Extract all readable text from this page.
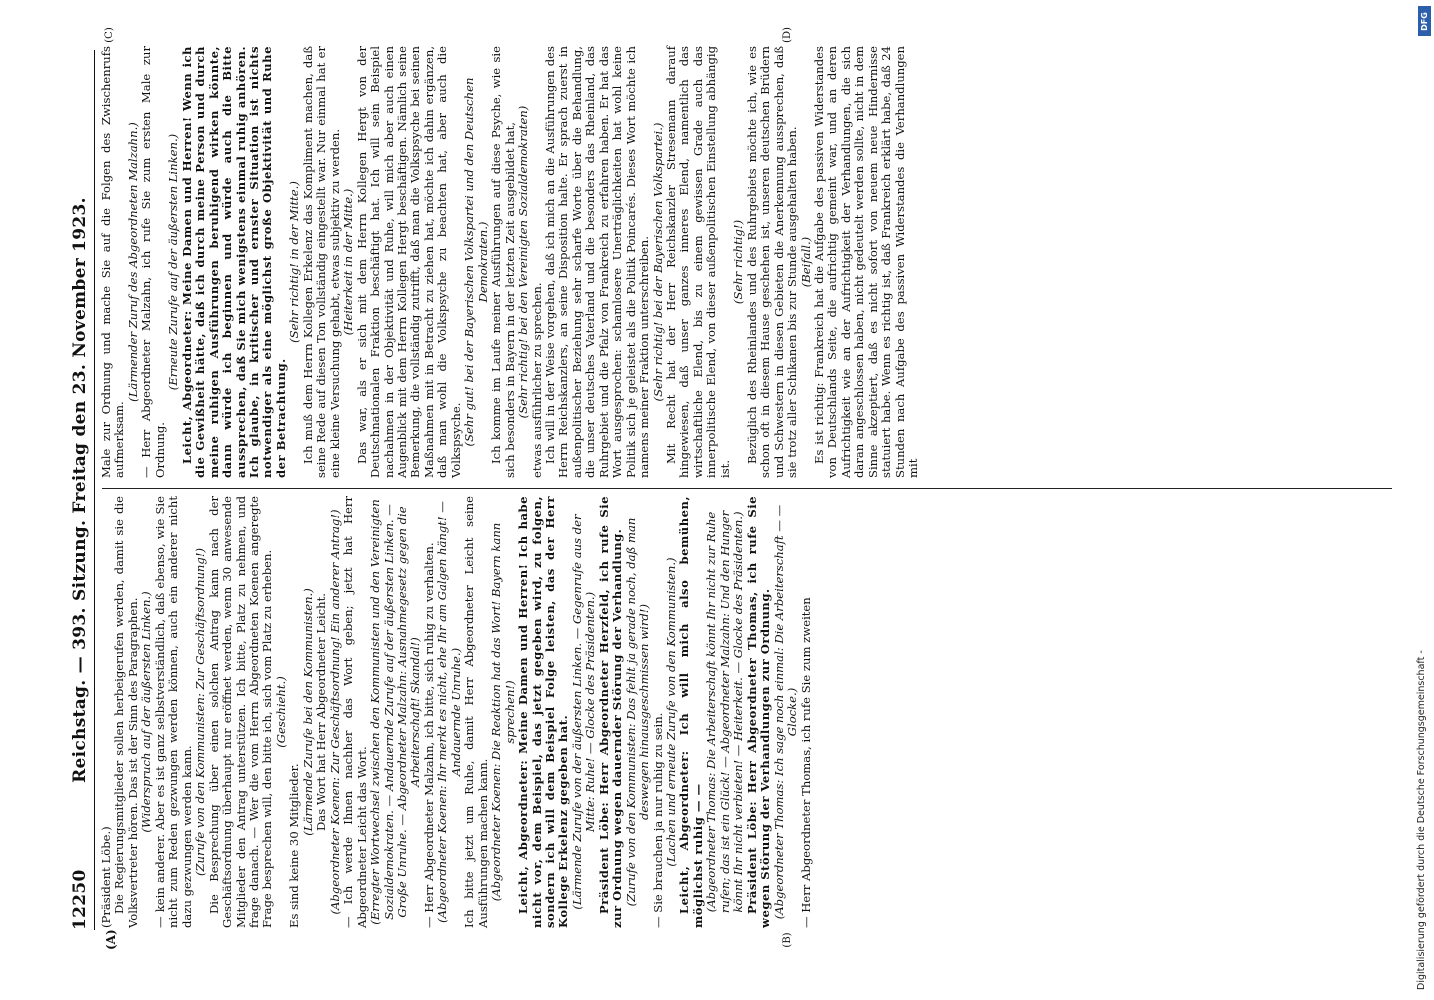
12250
Reichstag. — 393. Sitzung. Freitag den 23. November 1923.
(A)	(B)
(C)	(D)

(Präsident Löbe.) Die Regierungsmitglieder sollen herbeigerufen werden, damit sie die Volksvertreter hören. Das ist der Sinn des Paragraphen. (Widerspruch auf der äußersten Linken.) — kein anderer. Aber es ist ganz selbstverständlich, daß ebenso, wie Sie nicht zum Reden gezwungen werden können, auch ein anderer nicht dazu gezwungen werden kann. (Zurufe von den Kommunisten: Zur Geschäftsordnung!) Die Besprechung über einen solchen Antrag kann nach der Geschäftsordnung überhaupt nur eröffnet werden, wenn 30 anwesende Mitglieder den Antrag unterstützen. Ich bitte, Platz zu nehmen, und frage danach. — Wer die vom Herrn Abgeordneten Koenen angeregte Frage besprechen will, den bitte ich, sich vom Platz zu erheben. (Geschieht.)

Es sind keine 30 Mitglieder.

(Lärmende Zurufe bei den Kommunisten.) Das Wort hat Herr Abgeordneter Leicht. (Abgeordneter Koenen: Zur Geschäftsordnung! Ein anderer Antrag!) — Ich werde Ihnen nachher das Wort geben; jetzt hat Herr Abgeordneter Leicht das Wort. (Erregter Wortwechsel zwischen den Kommunisten und den Vereinigten Sozialdemokraten. — Andauernde Zurufe auf der äußersten Linken. — Große Unruhe. — Abgeordneter Malzahn: Ausnahmegesetz gegen die Arbeiterschaft! Skandal!) — Herr Abgeordneter Malzahn, ich bitte, sich ruhig zu verhalten. (Abgeordneter Koenen: Ihr merkt es nicht, ehe Ihr am Galgen hängt! — Andauernde Unruhe.) Ich bitte jetzt um Ruhe, damit Herr Abgeordneter Leicht seine Ausführungen machen kann. (Abgeordneter Koenen: Die Reaktion hat das Wort! Bayern kann sprechen!) Leicht, Abgeordneter: Meine Damen und Herren! Ich habe nicht vor, dem Beispiel, das jetzt gegeben wird, zu folgen, sondern ich will dem Beispiel Folge leisten, das der Herr Kollege Erkelenz gegeben hat. (Lärmende Zurufe von der äußersten Linken. — Gegenrufe aus der Mitte: Ruhe! — Glocke des Präsidenten.) Präsident Löbe: Herr Abgeordneter Herzfeld, ich rufe Sie zur Ordnung wegen dauernder Störung der Verhandlung. (Zurufe von den Kommunisten: Das fehlt ja gerade noch, daß man deswegen hinausgeschmissen wird!)

— Sie brauchen ja nur ruhig zu sein. (Lachen und erneute Zurufe von den Kommunisten.) Leicht, Abgeordneter: Ich will mich also bemühen, möglichst ruhig — — (Abgeordneter Thomas: Die Arbeiterschaft könnt Ihr nicht zur Ruhe rufen; das ist ein Glück! — Abgeordneter Malzahn: Und den Hunger könnt Ihr nicht verbieten! — Heiterkeit. — Glocke des Präsidenten.) Präsident Löbe: Herr Abgeordneter Thomas, ich rufe Sie wegen Störung der Verhandlungen zur Ordnung. (Abgeordneter Thomas: Ich sage noch einmal: Die Arbeiterschaft — — Glocke.) — Herr Abgeordneter Thomas, ich rufe Sie zum zweiten

Male zur Ordnung und mache Sie auf die Folgen des Zwischenrufs aufmerksam.

(Lärmender Zuruf des Abgeordneten Malzahn.) — Herr Abgeordneter Malzahn, ich rufe Sie zum ersten Male zur Ordnung.

(Erneute Zurufe auf der äußersten Linken.) Leicht, Abgeordneter: Meine Damen und Herren! Wenn ich die Gewißheit hätte, daß ich durch meine Person und durch meine ruhigen Ausführungen beruhigend wirken könnte, dann würde ich beginnen und würde auch die Bitte aussprechen, daß Sie mich wenigstens einmal ruhig anhören. Ich glaube, in kritischer und ernster Situation ist nichts notwendiger als eine möglichst große Objektivität und Ruhe der Betrachtung.

(Sehr richtig! in der Mitte.) Ich muß dem Herrn Kollegen Erkelenz das Kompliment machen, daß seine Rede auf diesen Ton vollständig eingestellt war. Nur einmal hat er eine kleine Versuchung gehabt, etwas subjektiv zu werden. (Heiterkeit in der Mitte.) Das war, als er sich mit dem Herrn Kollegen Hergt von der Deutschnationalen Fraktion beschäftigt hat. Ich will sein Beispiel nachahmen in der Objektivität und Ruhe, will mich aber auch einen Augenblick mit dem Herrn Kollegen Hergt beschäftigen. Nämlich seine Bemerkung, die vollständig zutrifft, daß man die Volkspsyche bei seinen Maßnahmen mit in Betracht zu ziehen hat, möchte ich dahin ergänzen, daß man wohl die Volkspsyche zu beachten hat, aber auch die Volkspsyche. (Sehr gut! bei der Bayerischen Volkspartei und den Deutschen Demokraten.) Ich komme im Laufe meiner Ausführungen auf diese Psyche, wie sie sich besonders in Bayern in der letzten Zeit ausgebildet hat, (Sehr richtig! bei den Vereinigten Sozialdemokraten) etwas ausführlicher zu sprechen. Ich will in der Weise vorgehen, daß ich mich an die Ausführungen des Herrn Reichskanzlers, an seine Disposition halte. Er sprach zuerst in außenpolitischer Beziehung sehr scharfe Worte über die Behandlung, die unser deutsches Vaterland und die besonders das Rheinland, das Ruhrgebiet und die Pfalz von Frankreich zu erfahren haben. Er hat das Wort ausgesprochen: schamlosere Unerträglichkeiten hat wohl keine Politik sich je geleistet als die Politik Poincarés. Dieses Wort möchte ich namens meiner Fraktion unterschreiben. (Sehr richtig! bei der Bayerischen Volkspartei.) Mit Recht hat der Herr Reichskanzler Stresemann darauf hingewiesen, daß unser ganzes inneres Elend, namentlich das wirtschaftliche Elend, bis zu einem gewissen Grade auch das innerpolitische Elend, von dieser außenpolitischen Einstellung abhängig ist.

(Sehr richtig!) Bezüglich des Rheinlandes und des Ruhrgebiets möchte ich, wie es schon oft in diesem Hause geschehen ist, unseren deutschen Brüdern und Schwestern in diesen Gebieten die Anerkennung aussprechen, daß sie trotz aller Schikanen bis zur Stunde ausgehalten haben. (Beifall.) Es ist richtig: Frankreich hat die Aufgabe des passiven Widerstandes von Deutschlands Seite, die aufrichtig gemeint war, und an deren Aufrichtigkeit wie an der Aufrichtigkeit der Verhandlungen, die sich daran angeschlossen haben, nicht gedeutelt werden sollte, nicht in dem Sinne akzeptiert, daß es nicht sofort von neuem neue Hindernisse statuiert habe. Wenn es richtig ist, daß Frankreich erklärt habe, daß 24 Stunden nach Aufgabe des passiven Widerstandes die Verhandlungen mit

Digitalisierung gefördert durch die Deutsche Forschungsgemeinschaft -
DFG
